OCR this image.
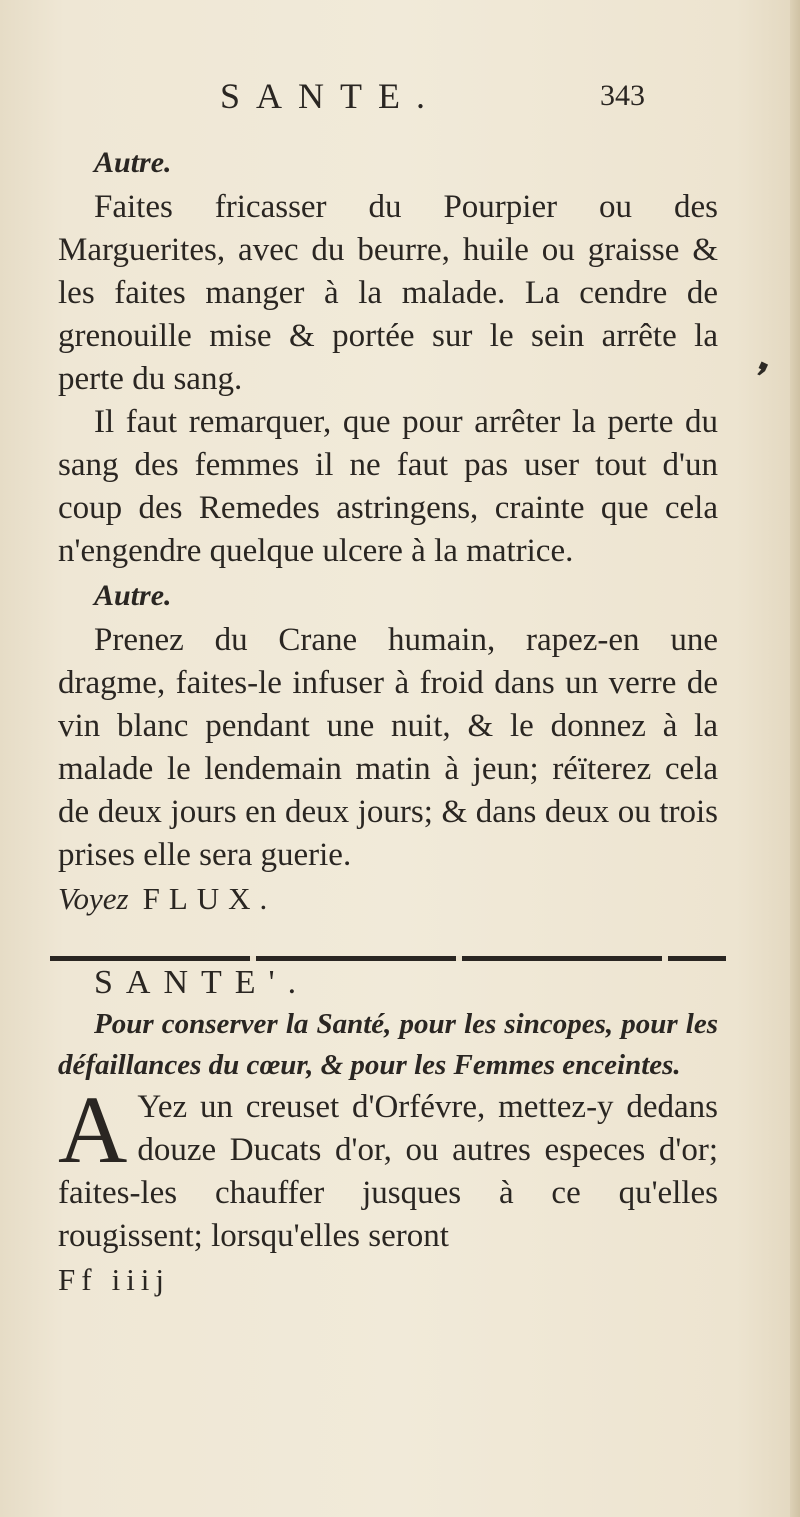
❜
SANTE.	343

Autre.

Faites fricasser du Pourpier ou des Marguerites, avec du beurre, huile ou graisse & les faites manger à la malade. La cendre de grenouille mise & portée sur le sein arrête la perte du sang.

Il faut remarquer, que pour arrêter la perte du sang des femmes il ne faut pas user tout d'un coup des Remedes astringens, crainte que cela n'engendre quelque ulcere à la matrice.

Autre.

Prenez du Crane humain, rapez-en une dragme, faites-le infuser à froid dans un verre de vin blanc pendant une nuit, & le donnez à la malade le lendemain matin à jeun; réïterez cela de deux jours en deux jours; & dans deux ou trois prises elle sera guerie.

Voyez FLUX.

SANTE'.

Pour conserver la Santé, pour les sincopes, pour les défaillances du cœur, & pour les Femmes enceintes.

A Yez un creuset d'Orfévre, mettez-y dedans douze Ducats d'or, ou autres especes d'or; faites-les chauffer jusques à ce qu'elles rougissent; lorsqu'elles seront

Ff iiij
